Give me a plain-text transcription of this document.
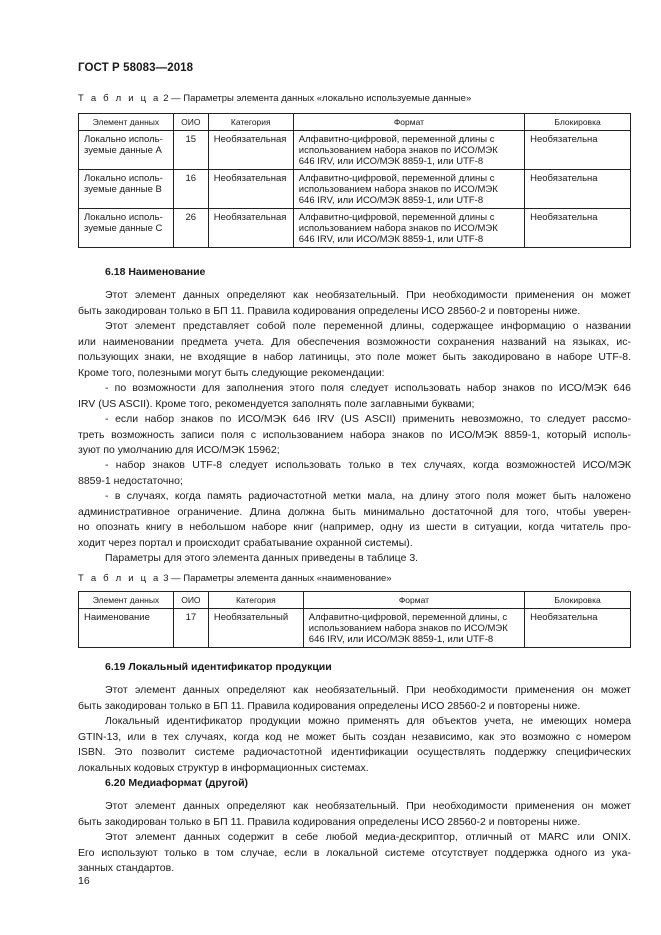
ГОСТ Р 58083—2018
Т а б л и ц а 2 — Параметры элемента данных «локально используемые данные»
Элемент данных	ОИО	Категория	Формат	Блокировка
Локально исполь-
зуемые данные А	15	Необязательная	Алфавитно-цифровой, переменной длины с
использованием набора знаков по ИСО/МЭК
646 IRV, или ИСО/МЭК 8859-1, или UTF-8	Необязательна
Локально исполь-
зуемые данные В	16	Необязательная	Алфавитно-цифровой, переменной длины с
использованием набора знаков по ИСО/МЭК
646 IRV, или ИСО/МЭК 8859-1, или UTF-8	Необязательна
Локально исполь-
зуемые данные С	26	Необязательная	Алфавитно-цифровой, переменной длины с
использованием набора знаков по ИСО/МЭК
646 IRV, или ИСО/МЭК 8859-1, или UTF-8	Необязательна
6.18 Наименование
Этот элемент данных определяют как необязательный. При необходимости применения он может
быть закодирован только в БП 11. Правила кодирования определены ИСО 28560-2 и повторены ниже.
Этот элемент представляет собой поле переменной длины, содержащее информацию о названии
или наименовании предмета учета. Для обеспечения возможности сохранения названий на языках, ис-
пользующих знаки, не входящие в набор латиницы, это поле может быть закодировано в наборе UTF-8.
Кроме того, полезными могут быть следующие рекомендации:
- по возможности для заполнения этого поля следует использовать набор знаков по ИСО/МЭК 646
IRV (US ASCII). Кроме того, рекомендуется заполнять поле заглавными буквами;
- если набор знаков по ИСО/МЭК 646 IRV (US ASCII) применить невозможно, то следует рассмо-
треть возможность записи поля с использованием набора знаков по ИСО/МЭК 8859-1, который исполь-
зуют по умолчанию для ИСО/МЭК 15962;
- набор знаков UTF-8 следует использовать только в тех случаях, когда возможностей ИСО/МЭК
8859-1 недостаточно;
- в случаях, когда память радиочастотной метки мала, на длину этого поля может быть наложено
административное ограничение. Длина должна быть минимально достаточной для того, чтобы уверен-
но опознать книгу в небольшом наборе книг (например, одну из шести в ситуации, когда читатель про-
ходит через портал и происходит срабатывание охранной системы).
Параметры для этого элемента данных приведены в таблице 3.
Т а б л и ц а 3 — Параметры элемента данных «наименование»
Элемент данных	ОИО	Категория	Формат	Блокировка
Наименование	17	Необязательный	Алфавитно-цифровой, переменной длины, с
использованием набора знаков по ИСО/МЭК
646 IRV, или ИСО/МЭК 8859-1, или UTF-8	Необязательна
6.19 Локальный идентификатор продукции
Этот элемент данных определяют как необязательный. При необходимости применения он может
быть закодирован только в БП 11. Правила кодирования определены ИСО 28560-2 и повторены ниже.
Локальный идентификатор продукции можно применять для объектов учета, не имеющих номера
GTIN-13, или в тех случаях, когда код не может быть создан независимо, как это возможно с номером
ISBN. Это позволит системе радиочастотной идентификации осуществлять поддержку специфических
локальных кодовых структур в информационных системах.
6.20 Медиаформат (другой)
Этот элемент данных определяют как необязательный. При необходимости применения он может
быть закодирован только в БП 11. Правила кодирования определены ИСО 28560-2 и повторены ниже.
Этот элемент данных содержит в себе любой медиа-дескриптор, отличный от MARC или ONIX.
Его используют только в том случае, если в локальной системе отсутствует поддержка одного из ука-
занных стандартов.
16
